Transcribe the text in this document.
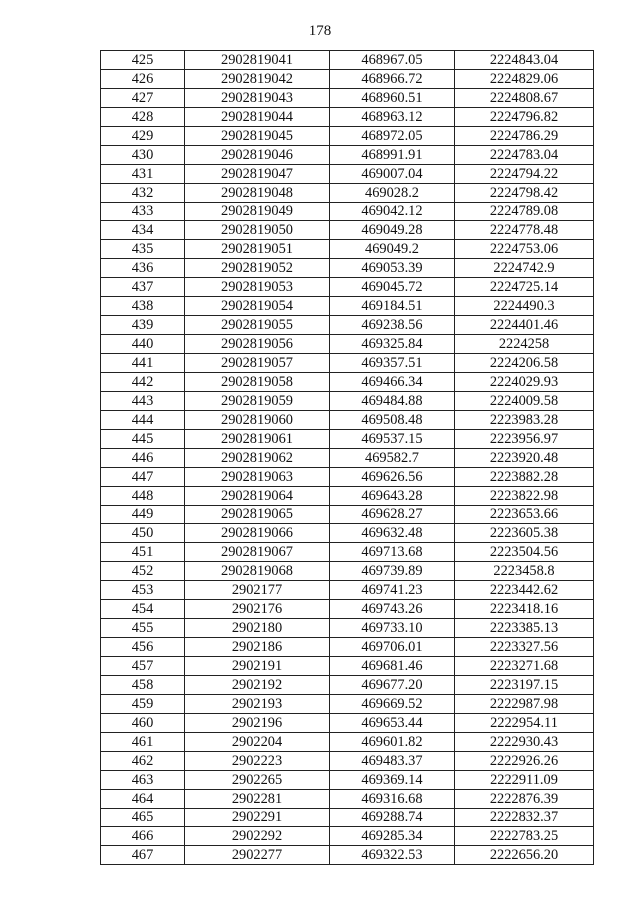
178
425	2902819041	468967.05	2224843.04
426	2902819042	468966.72	2224829.06
427	2902819043	468960.51	2224808.67
428	2902819044	468963.12	2224796.82
429	2902819045	468972.05	2224786.29
430	2902819046	468991.91	2224783.04
431	2902819047	469007.04	2224794.22
432	2902819048	469028.2	2224798.42
433	2902819049	469042.12	2224789.08
434	2902819050	469049.28	2224778.48
435	2902819051	469049.2	2224753.06
436	2902819052	469053.39	2224742.9
437	2902819053	469045.72	2224725.14
438	2902819054	469184.51	2224490.3
439	2902819055	469238.56	2224401.46
440	2902819056	469325.84	2224258
441	2902819057	469357.51	2224206.58
442	2902819058	469466.34	2224029.93
443	2902819059	469484.88	2224009.58
444	2902819060	469508.48	2223983.28
445	2902819061	469537.15	2223956.97
446	2902819062	469582.7	2223920.48
447	2902819063	469626.56	2223882.28
448	2902819064	469643.28	2223822.98
449	2902819065	469628.27	2223653.66
450	2902819066	469632.48	2223605.38
451	2902819067	469713.68	2223504.56
452	2902819068	469739.89	2223458.8
453	2902177	469741.23	2223442.62
454	2902176	469743.26	2223418.16
455	2902180	469733.10	2223385.13
456	2902186	469706.01	2223327.56
457	2902191	469681.46	2223271.68
458	2902192	469677.20	2223197.15
459	2902193	469669.52	2222987.98
460	2902196	469653.44	2222954.11
461	2902204	469601.82	2222930.43
462	2902223	469483.37	2222926.26
463	2902265	469369.14	2222911.09
464	2902281	469316.68	2222876.39
465	2902291	469288.74	2222832.37
466	2902292	469285.34	2222783.25
467	2902277	469322.53	2222656.20
